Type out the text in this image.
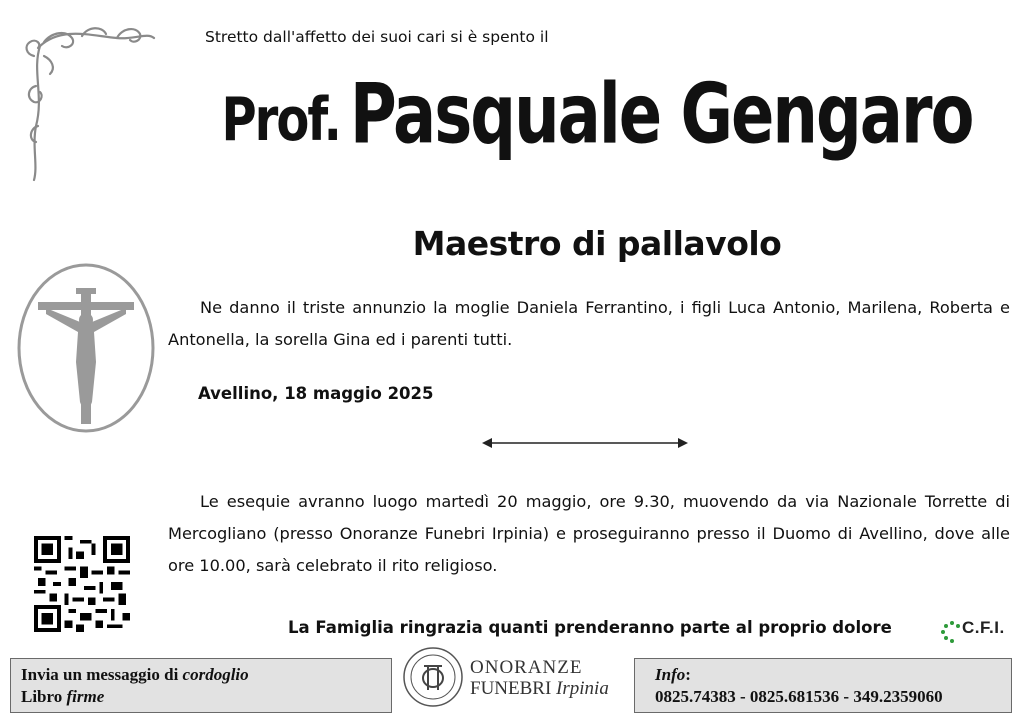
Stretto dall'affetto dei suoi cari si è spento il
Prof. Pasquale Gengaro
Maestro di pallavolo
Ne danno il triste annunzio la moglie Daniela Ferrantino, i figli Luca Antonio, Marilena, Roberta e Antonella, la sorella Gina ed i parenti tutti.
Avellino, 18 maggio 2025
Le esequie avranno luogo martedì 20 maggio, ore 9.30, muovendo da via Nazionale Torrette di Mercogliano (presso Onoranze Funebri Irpinia) e proseguiranno presso il Duomo di Avellino, dove alle ore 10.00, sarà celebrato il rito religioso.
La Famiglia ringrazia quanti prenderanno parte al proprio dolore	C.F.I.
Invia un messaggio di cordoglio
Libro firme
ONORANZE
FUNEBRI Irpinia
Info:
0825.74383 - 0825.681536 - 349.2359060
